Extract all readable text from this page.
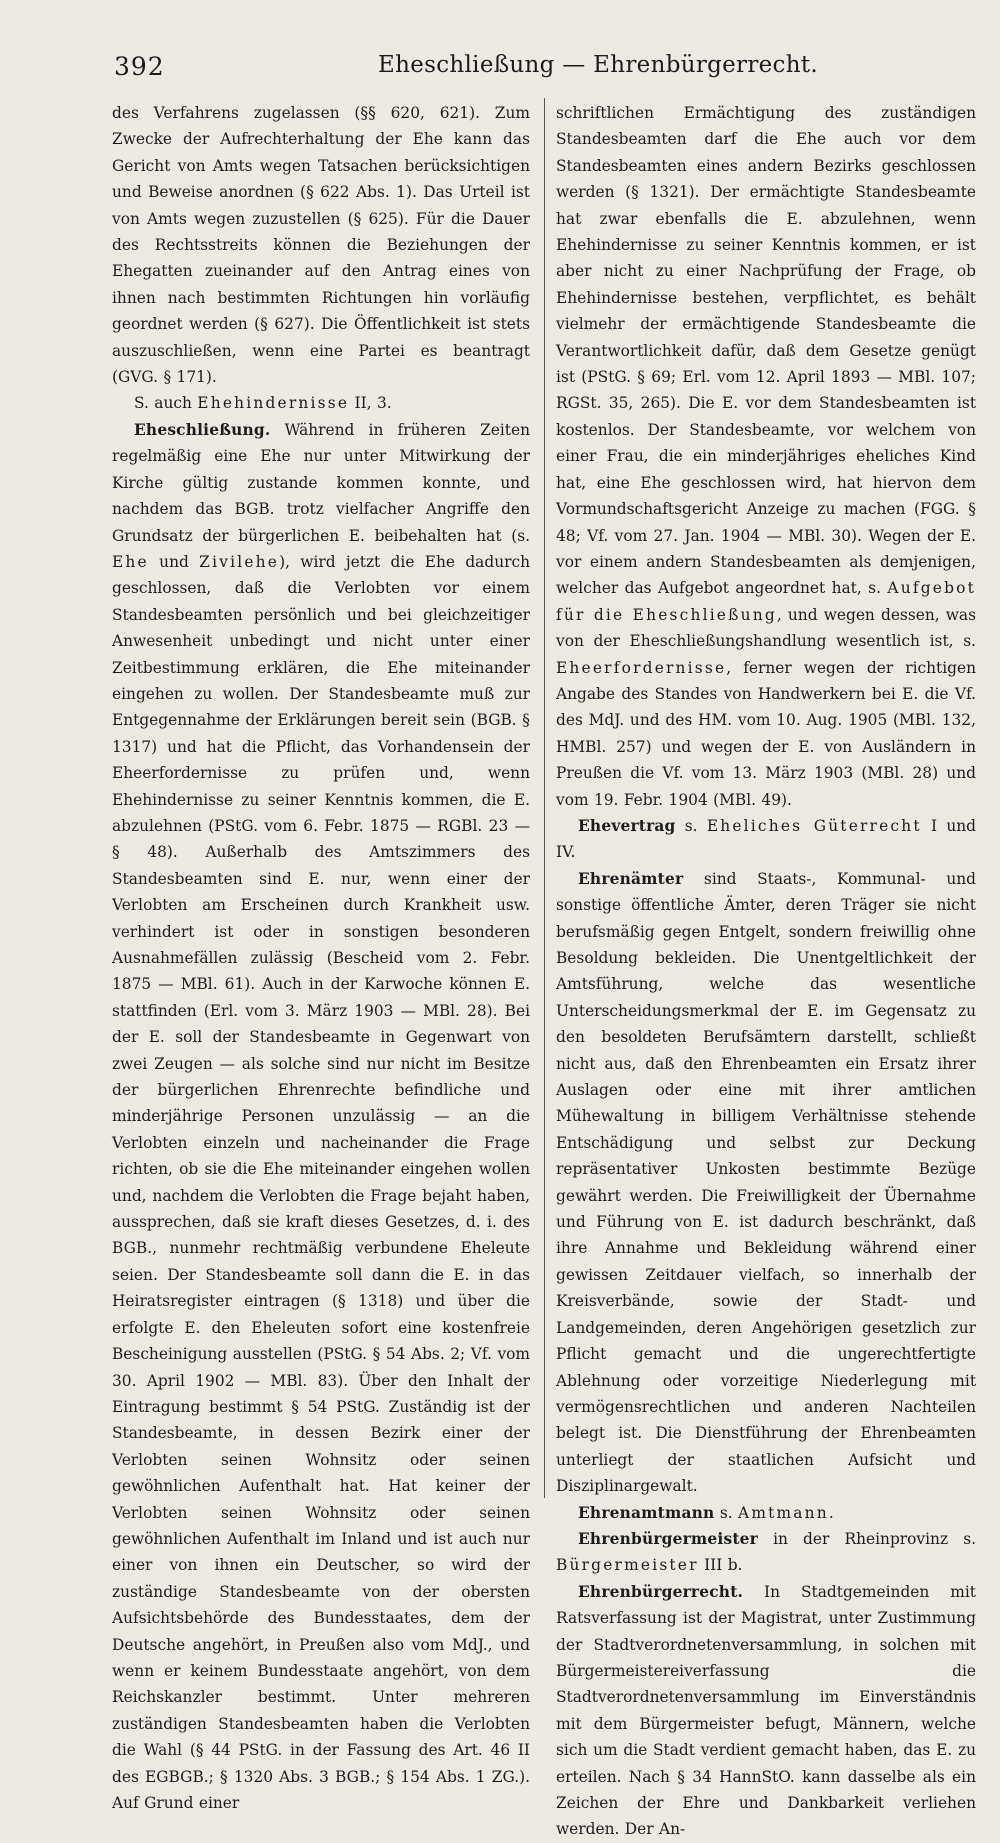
392	Eheschließung — Ehrenbürgerrecht.

des Verfahrens zugelassen (§§ 620, 621). Zum Zwecke der Aufrechterhaltung der Ehe kann das Gericht von Amts wegen Tatsachen berücksichtigen und Beweise anordnen (§ 622 Abs. 1). Das Urteil ist von Amts wegen zuzustellen (§ 625). Für die Dauer des Rechtsstreits können die Beziehungen der Ehegatten zueinander auf den Antrag eines von ihnen nach bestimmten Richtungen hin vorläufig geordnet werden (§ 627). Die Öffentlichkeit ist stets auszuschließen, wenn eine Partei es beantragt (GVG. § 171).

S. auch Ehehindernisse II, 3.

Eheschließung. Während in früheren Zeiten regelmäßig eine Ehe nur unter Mitwirkung der Kirche gültig zustande kommen konnte, und nachdem das BGB. trotz vielfacher Angriffe den Grundsatz der bürgerlichen E. beibehalten hat (s. Ehe und Zivilehe), wird jetzt die Ehe dadurch geschlossen, daß die Verlobten vor einem Standesbeamten persönlich und bei gleichzeitiger Anwesenheit unbedingt und nicht unter einer Zeitbestimmung erklären, die Ehe miteinander eingehen zu wollen. Der Standesbeamte muß zur Entgegennahme der Erklärungen bereit sein (BGB. § 1317) und hat die Pflicht, das Vorhandensein der Eheerfordernisse zu prüfen und, wenn Ehehindernisse zu seiner Kenntnis kommen, die E. abzulehnen (PStG. vom 6. Febr. 1875 — RGBl. 23 — § 48). Außerhalb des Amtszimmers des Standesbeamten sind E. nur, wenn einer der Verlobten am Erscheinen durch Krankheit usw. verhindert ist oder in sonstigen besonderen Ausnahmefällen zulässig (Bescheid vom 2. Febr. 1875 — MBl. 61). Auch in der Karwoche können E. stattfinden (Erl. vom 3. März 1903 — MBl. 28). Bei der E. soll der Standesbeamte in Gegenwart von zwei Zeugen — als solche sind nur nicht im Besitze der bürgerlichen Ehrenrechte befindliche und minderjährige Personen unzulässig — an die Verlobten einzeln und nacheinander die Frage richten, ob sie die Ehe miteinander eingehen wollen und, nachdem die Verlobten die Frage bejaht haben, aussprechen, daß sie kraft dieses Gesetzes, d. i. des BGB., nunmehr rechtmäßig verbundene Eheleute seien. Der Standesbeamte soll dann die E. in das Heiratsregister eintragen (§ 1318) und über die erfolgte E. den Eheleuten sofort eine kostenfreie Bescheinigung ausstellen (PStG. § 54 Abs. 2; Vf. vom 30. April 1902 — MBl. 83). Über den Inhalt der Eintragung bestimmt § 54 PStG. Zuständig ist der Standesbeamte, in dessen Bezirk einer der Verlobten seinen Wohnsitz oder seinen gewöhnlichen Aufenthalt hat. Hat keiner der Verlobten seinen Wohnsitz oder seinen gewöhnlichen Aufenthalt im Inland und ist auch nur einer von ihnen ein Deutscher, so wird der zuständige Standesbeamte von der obersten Aufsichtsbehörde des Bundesstaates, dem der Deutsche angehört, in Preußen also vom MdJ., und wenn er keinem Bundesstaate angehört, von dem Reichskanzler bestimmt. Unter mehreren zuständigen Standesbeamten haben die Verlobten die Wahl (§ 44 PStG. in der Fassung des Art. 46 II des EGBGB.; § 1320 Abs. 3 BGB.; § 154 Abs. 1 ZG.). Auf Grund einer

schriftlichen Ermächtigung des zuständigen Standesbeamten darf die Ehe auch vor dem Standesbeamten eines andern Bezirks geschlossen werden (§ 1321). Der ermächtigte Standesbeamte hat zwar ebenfalls die E. abzulehnen, wenn Ehehindernisse zu seiner Kenntnis kommen, er ist aber nicht zu einer Nachprüfung der Frage, ob Ehehindernisse bestehen, verpflichtet, es behält vielmehr der ermächtigende Standesbeamte die Verantwortlichkeit dafür, daß dem Gesetze genügt ist (PStG. § 69; Erl. vom 12. April 1893 — MBl. 107; RGSt. 35, 265). Die E. vor dem Standesbeamten ist kostenlos. Der Standesbeamte, vor welchem von einer Frau, die ein minderjähriges eheliches Kind hat, eine Ehe geschlossen wird, hat hiervon dem Vormundschaftsgericht Anzeige zu machen (FGG. § 48; Vf. vom 27. Jan. 1904 — MBl. 30). Wegen der E. vor einem andern Standesbeamten als demjenigen, welcher das Aufgebot angeordnet hat, s. Aufgebot für die Eheschließung, und wegen dessen, was von der Eheschließungshandlung wesentlich ist, s. Eheerfordernisse, ferner wegen der richtigen Angabe des Standes von Handwerkern bei E. die Vf. des MdJ. und des HM. vom 10. Aug. 1905 (MBl. 132, HMBl. 257) und wegen der E. von Ausländern in Preußen die Vf. vom 13. März 1903 (MBl. 28) und vom 19. Febr. 1904 (MBl. 49).

Ehevertrag s. Eheliches Güterrecht I und IV.

Ehrenämter sind Staats-, Kommunal- und sonstige öffentliche Ämter, deren Träger sie nicht berufsmäßig gegen Entgelt, sondern freiwillig ohne Besoldung bekleiden. Die Unentgeltlichkeit der Amtsführung, welche das wesentliche Unterscheidungsmerkmal der E. im Gegensatz zu den besoldeten Berufsämtern darstellt, schließt nicht aus, daß den Ehrenbeamten ein Ersatz ihrer Auslagen oder eine mit ihrer amtlichen Mühewaltung in billigem Verhältnisse stehende Entschädigung und selbst zur Deckung repräsentativer Unkosten bestimmte Bezüge gewährt werden. Die Freiwilligkeit der Übernahme und Führung von E. ist dadurch beschränkt, daß ihre Annahme und Bekleidung während einer gewissen Zeitdauer vielfach, so innerhalb der Kreisverbände, sowie der Stadt- und Landgemeinden, deren Angehörigen gesetzlich zur Pflicht gemacht und die ungerechtfertigte Ablehnung oder vorzeitige Niederlegung mit vermögensrechtlichen und anderen Nachteilen belegt ist. Die Dienstführung der Ehrenbeamten unterliegt der staatlichen Aufsicht und Disziplinargewalt.

Ehrenamtmann s. Amtmann.

Ehrenbürgermeister in der Rheinprovinz s. Bürgermeister III b.

Ehrenbürgerrecht. In Stadtgemeinden mit Ratsverfassung ist der Magistrat, unter Zustimmung der Stadtverordnetenversammlung, in solchen mit Bürgermeistereiverfassung die Stadtverordnetenversammlung im Einverständnis mit dem Bürgermeister befugt, Männern, welche sich um die Stadt verdient gemacht haben, das E. zu erteilen. Nach § 34 HannStO. kann dasselbe als ein Zeichen der Ehre und Dankbarkeit verliehen werden. Der An-
